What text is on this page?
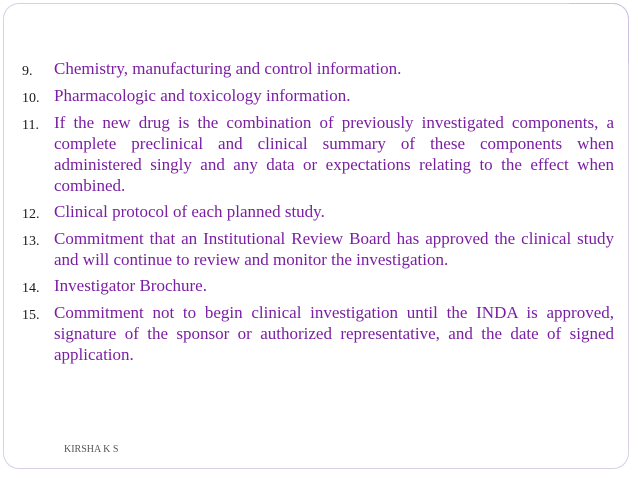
9.	Chemistry, manufacturing and control information.
10. Pharmacologic and toxicology information.
11. If the new drug is the combination of previously investigated components, a complete preclinical and clinical summary of these components when administered singly and any data or expectations relating to the effect when combined.
12. Clinical protocol of each planned study.
13. Commitment that an Institutional Review Board has approved the clinical study and will continue to review and monitor the investigation.
14. Investigator Brochure.
15. Commitment not to begin clinical investigation until the INDA is approved, signature of the sponsor or authorized representative, and the date of signed application.
KIRSHA K S
